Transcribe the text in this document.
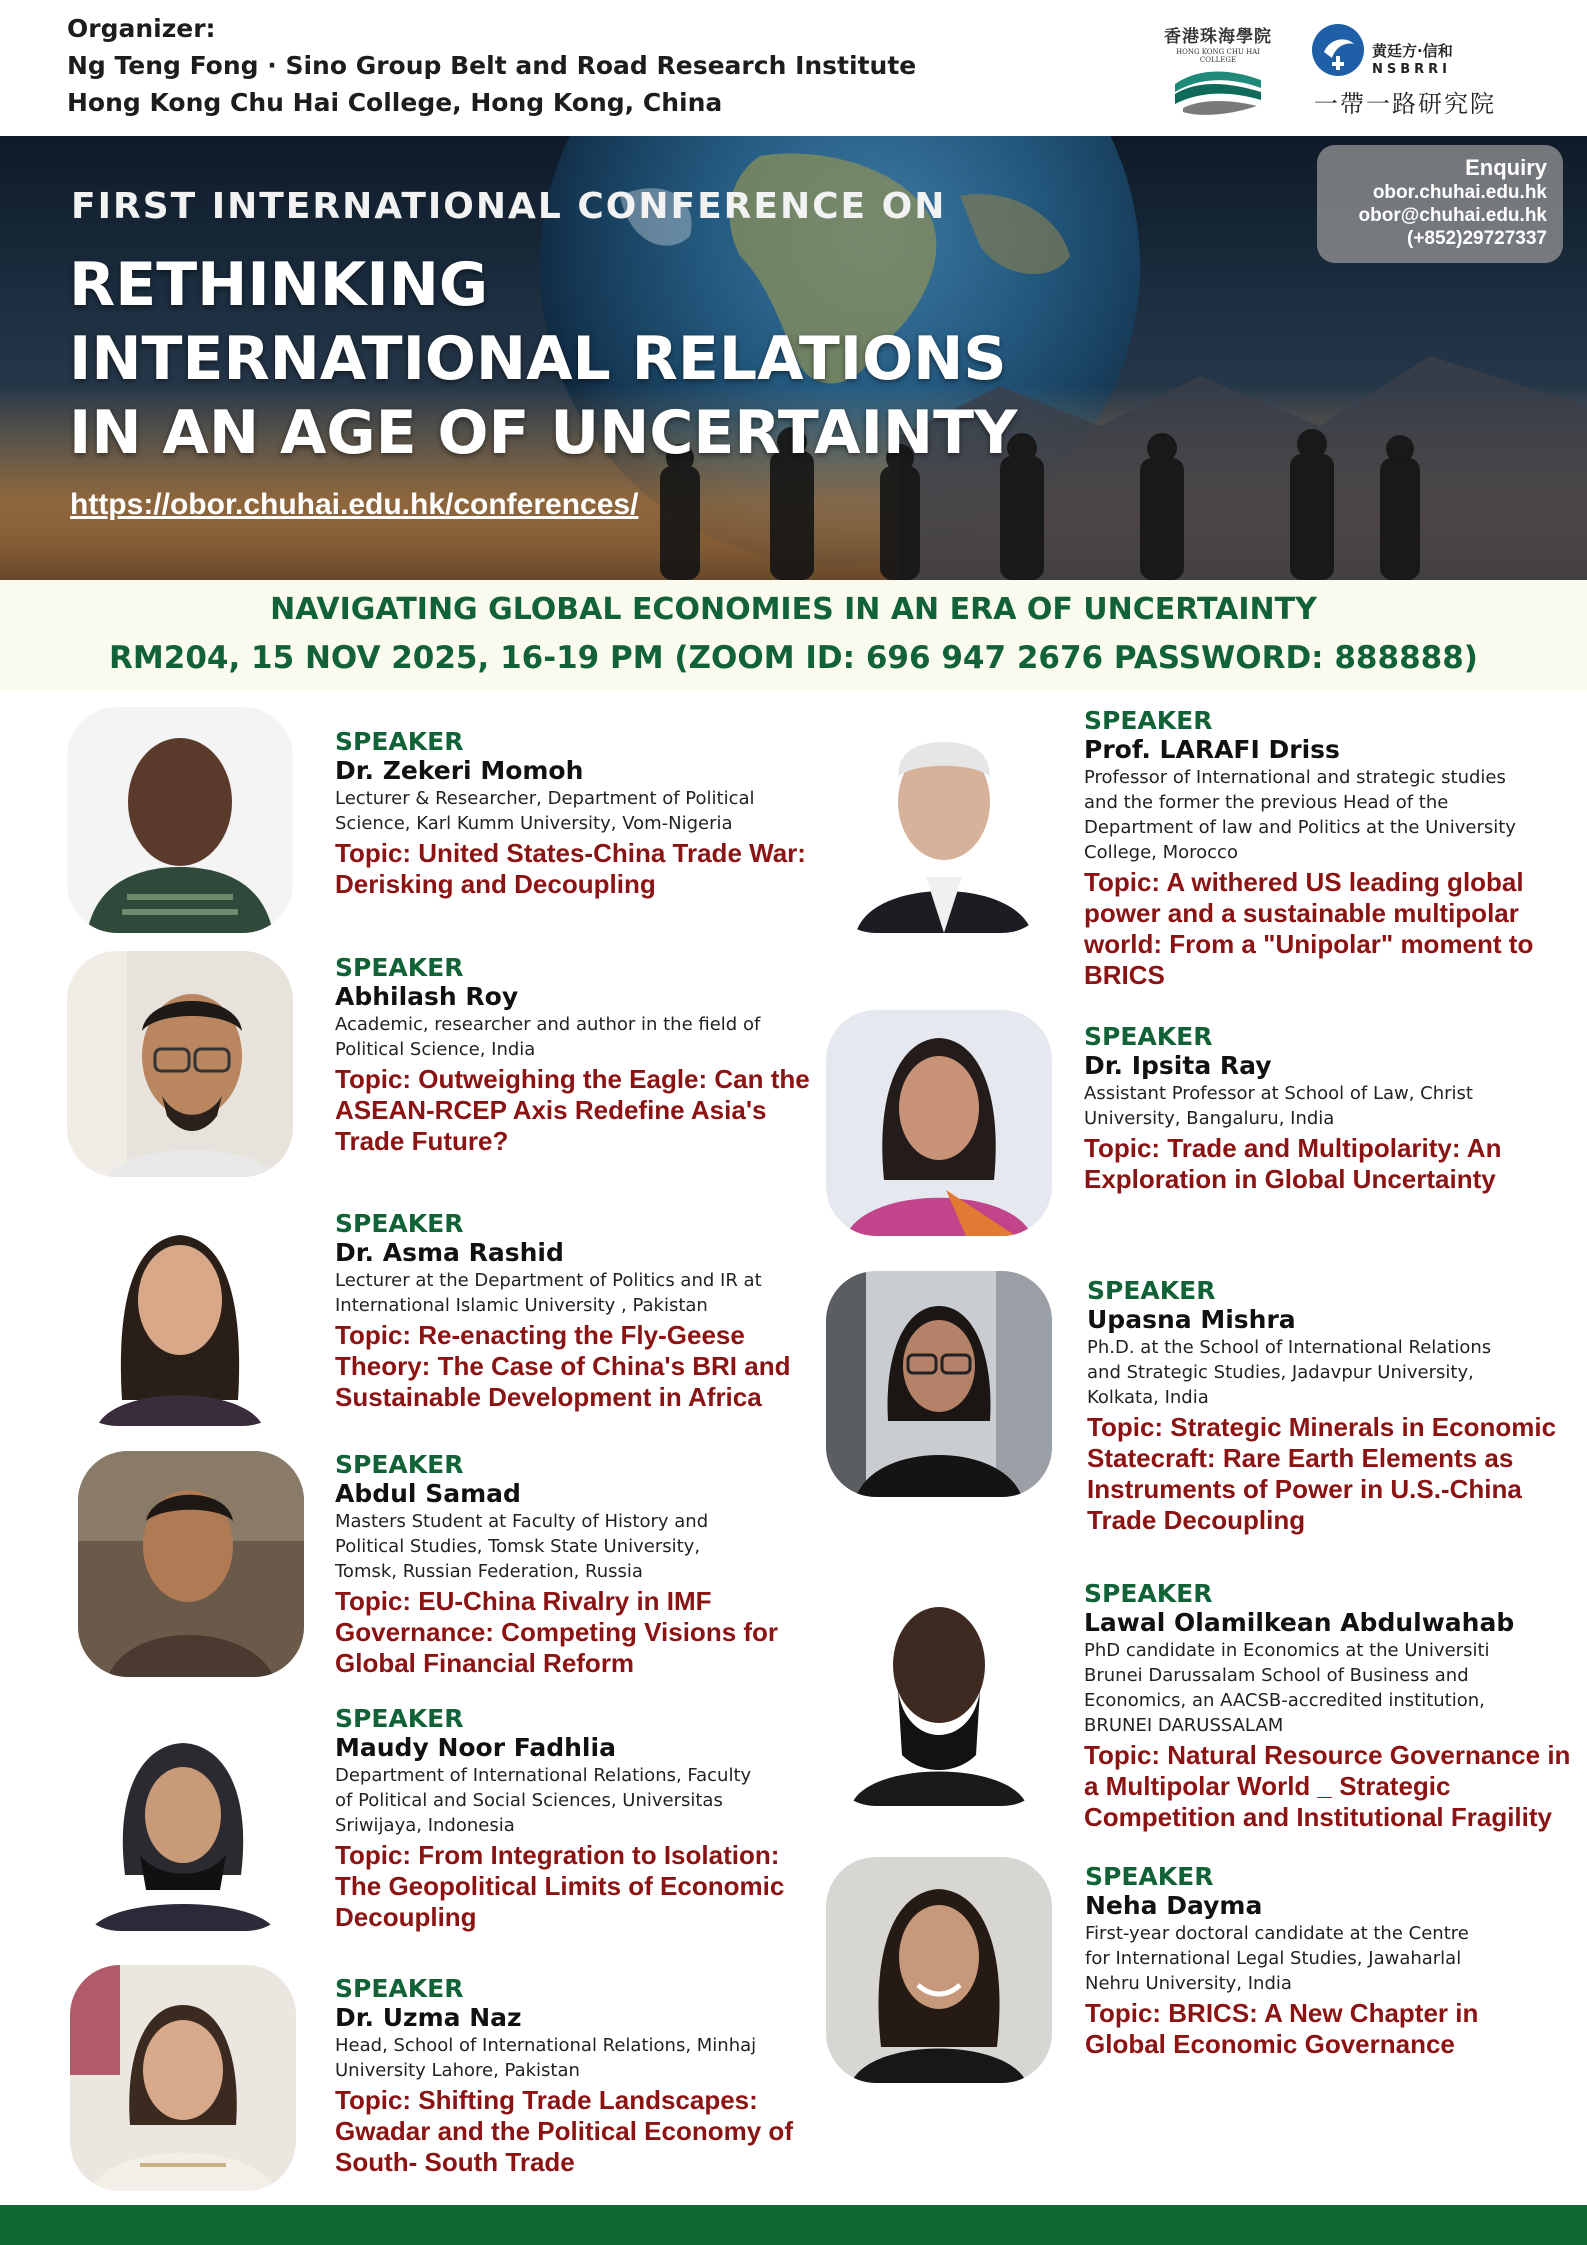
Organizer:
Ng Teng Fong · Sino Group Belt and Road Research Institute
Hong Kong Chu Hai College, Hong Kong, China
香港珠海學院
HONG KONG CHU HAI COLLEGE	黄廷方·信和
NSBRRI
一帶一路研究院
FIRST INTERNATIONAL CONFERENCE ON
RETHINKING
INTERNATIONAL RELATIONS
IN AN AGE OF UNCERTAINTY
https://obor.chuhai.edu.hk/conferences/
Enquiry
obor.chuhai.edu.hk
obor@chuhai.edu.hk
(+852)29727337
NAVIGATING GLOBAL ECONOMIES IN AN ERA OF UNCERTAINTY
RM204, 15 NOV 2025, 16-19 PM (ZOOM ID: 696 947 2676 PASSWORD: 888888)
SPEAKER
Dr. Zekeri Momoh
Lecturer & Researcher, Department of Political
Science, Karl Kumm University, Vom-Nigeria
Topic: United States-China Trade War:
Derisking and Decoupling
SPEAKER
Abhilash Roy
Academic, researcher and author in the field of
Political Science, India
Topic: Outweighing the Eagle: Can the
ASEAN-RCEP Axis Redefine Asia's
Trade Future?
SPEAKER
Dr. Asma Rashid
Lecturer at the Department of Politics and IR at
International Islamic University , Pakistan
Topic: Re-enacting the Fly-Geese
Theory: The Case of China's BRI and
Sustainable Development in Africa
SPEAKER
Abdul Samad
Masters Student at Faculty of History and
Political Studies, Tomsk State University,
Tomsk, Russian Federation, Russia
Topic: EU-China Rivalry in IMF
Governance: Competing Visions for
Global Financial Reform
SPEAKER
Maudy Noor Fadhlia
Department of International Relations, Faculty
of Political and Social Sciences, Universitas
Sriwijaya, Indonesia
Topic: From Integration to Isolation:
The Geopolitical Limits of Economic
Decoupling
SPEAKER
Dr. Uzma Naz
Head, School of International Relations, Minhaj
University Lahore, Pakistan
Topic: Shifting Trade Landscapes:
Gwadar and the Political Economy of
South- South Trade
SPEAKER
Prof. LARAFI Driss
Professor of International and strategic studies
and the former the previous Head of the
Department of law and Politics at the University
College, Morocco
Topic: A withered US leading global
power and a sustainable multipolar
world: From a "Unipolar" moment to
BRICS
SPEAKER
Dr. Ipsita Ray
Assistant Professor at School of Law, Christ
University, Bangaluru, India
Topic: Trade and Multipolarity: An
Exploration in Global Uncertainty
SPEAKER
Upasna Mishra
Ph.D. at the School of International Relations
and Strategic Studies, Jadavpur University,
Kolkata, India
Topic: Strategic Minerals in Economic
Statecraft: Rare Earth Elements as
Instruments of Power in U.S.-China
Trade Decoupling
SPEAKER
Lawal Olamilkean Abdulwahab
PhD candidate in Economics at the Universiti
Brunei Darussalam School of Business and
Economics, an AACSB-accredited institution,
BRUNEI DARUSSALAM
Topic: Natural Resource Governance in
a Multipolar World _ Strategic
Competition and Institutional Fragility
SPEAKER
Neha Dayma
First-year doctoral candidate at the Centre
for International Legal Studies, Jawaharlal
Nehru University, India
Topic: BRICS: A New Chapter in
Global Economic Governance
